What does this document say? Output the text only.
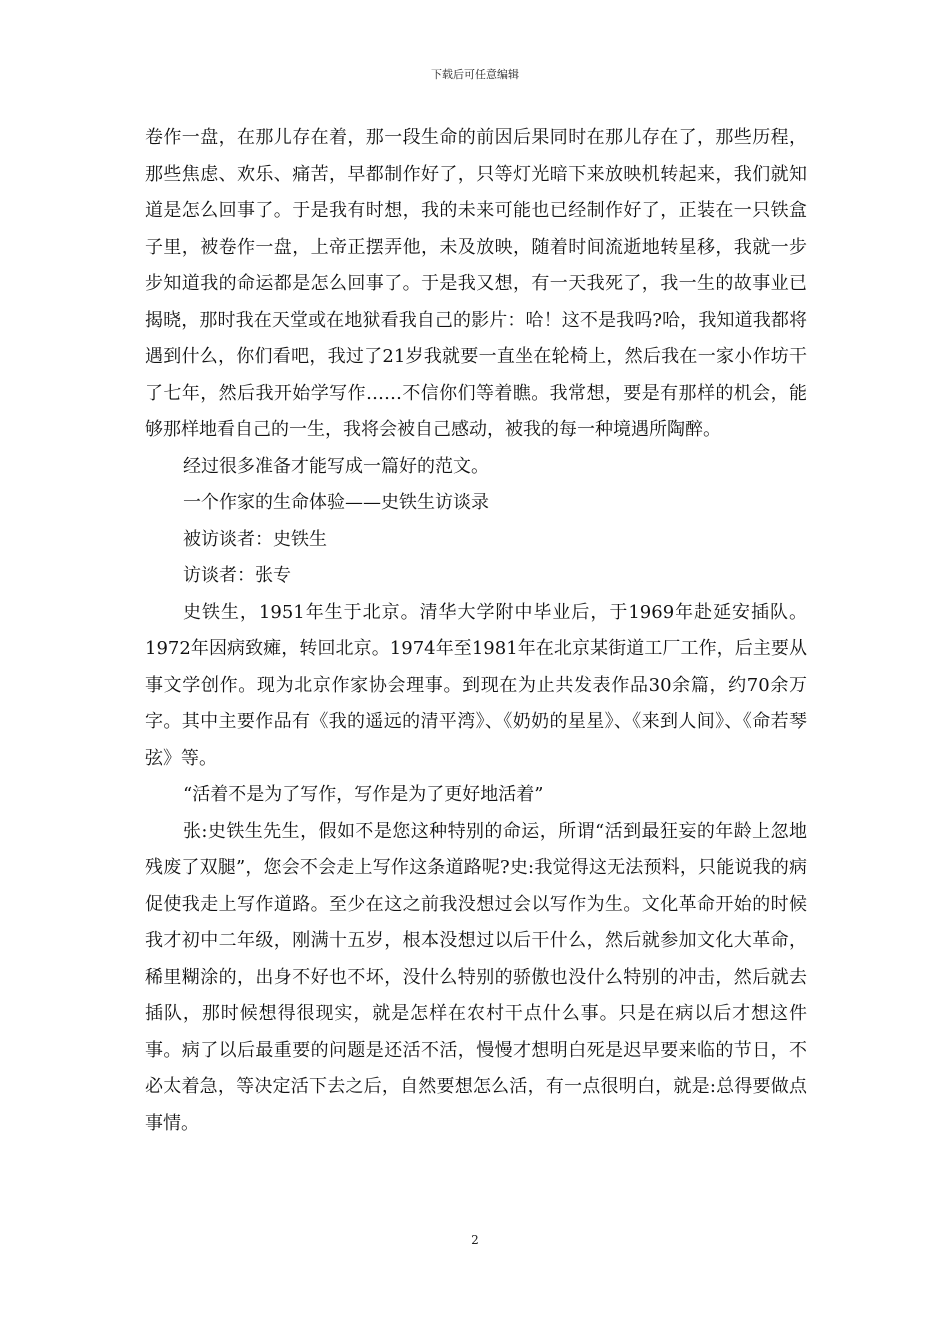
下载后可任意编辑

卷作一盘，在那儿存在着，那一段生命的前因后果同时在那儿存在了，那些历程，那些焦虑、欢乐、痛苦，早都制作好了，只等灯光暗下来放映机转起来，我们就知道是怎么回事了。于是我有时想，我的未来可能也已经制作好了，正装在一只铁盒子里，被卷作一盘，上帝正摆弄他，未及放映，随着时间流逝地转星移，我就一步步知道我的命运都是怎么回事了。于是我又想，有一天我死了，我一生的故事业已揭晓，那时我在天堂或在地狱看我自己的影片：哈！这不是我吗?哈，我知道我都将遇到什么，你们看吧，我过了21岁我就要一直坐在轮椅上，然后我在一家小作坊干了七年，然后我开始学写作……不信你们等着瞧。我常想，要是有那样的机会，能够那样地看自己的一生，我将会被自己感动，被我的每一种境遇所陶醉。

经过很多准备才能写成一篇好的范文。

一个作家的生命体验——史铁生访谈录

被访谈者：史铁生

访谈者：张专

史铁生，1951年生于北京。清华大学附中毕业后，于1969年赴延安插队。1972年因病致瘫，转回北京。1974年至1981年在北京某街道工厂工作，后主要从事文学创作。现为北京作家协会理事。到现在为止共发表作品30余篇，约70余万字。其中主要作品有《我的遥远的清平湾》、《奶奶的星星》、《来到人间》、《命若琴弦》等。

“活着不是为了写作，写作是为了更好地活着”

张:史铁生先生，假如不是您这种特别的命运，所谓“活到最狂妄的年龄上忽地残废了双腿”，您会不会走上写作这条道路呢?史:我觉得这无法预料，只能说我的病促使我走上写作道路。至少在这之前我没想过会以写作为生。文化革命开始的时候我才初中二年级，刚满十五岁，根本没想过以后干什么，然后就参加文化大革命，稀里糊涂的，出身不好也不坏，没什么特别的骄傲也没什么特别的冲击，然后就去插队，那时候想得很现实，就是怎样在农村干点什么事。只是在病以后才想这件事。病了以后最重要的问题是还活不活，慢慢才想明白死是迟早要来临的节日，不必太着急，等决定活下去之后，自然要想怎么活，有一点很明白，就是:总得要做点事情。

2
